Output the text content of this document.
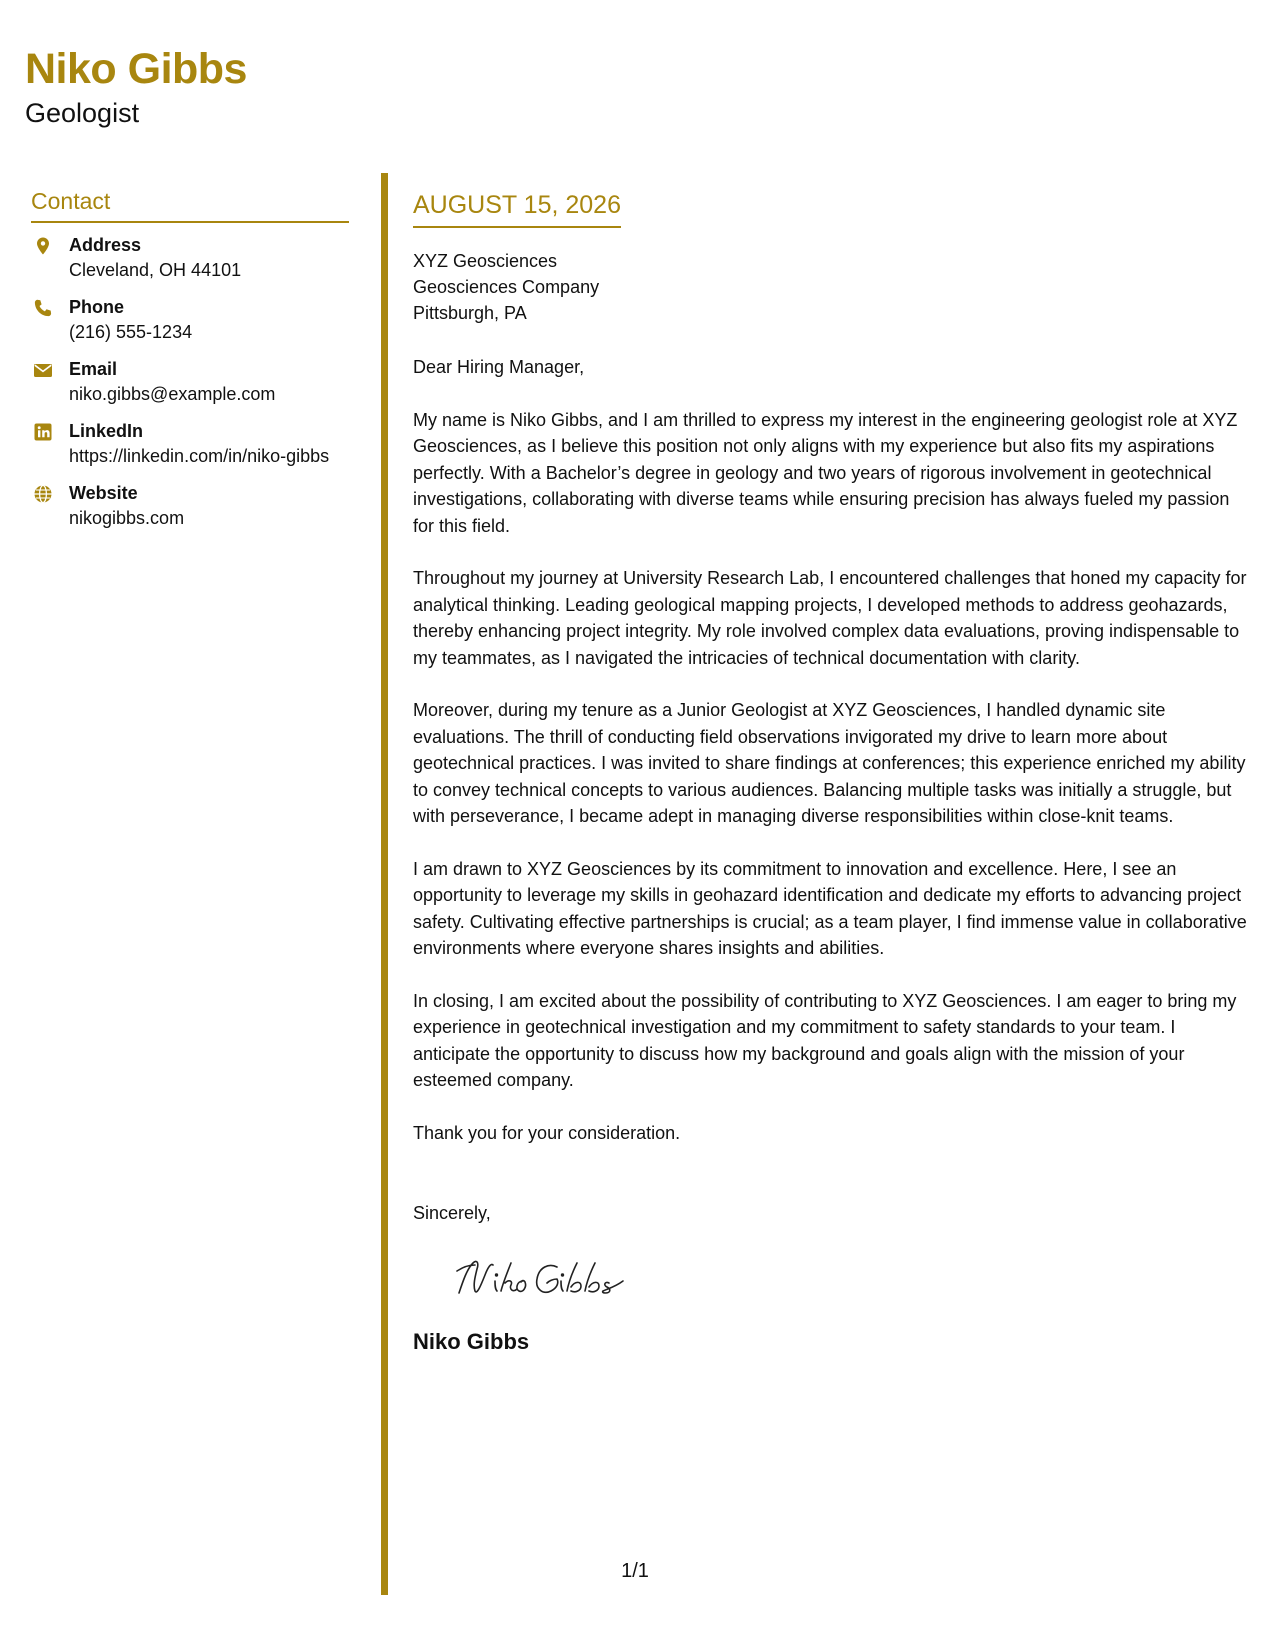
Niko Gibbs
Geologist
Contact
Address
Cleveland, OH 44101
Phone
(216) 555-1234
Email
niko.gibbs@example.com
LinkedIn
https://linkedin.com/in/niko-gibbs
Website
nikogibbs.com
AUGUST 15, 2026
XYZ Geosciences
Geosciences Company
Pittsburgh, PA

Dear Hiring Manager,

My name is Niko Gibbs, and I am thrilled to express my interest in the engineering geologist role at XYZ Geosciences, as I believe this position not only aligns with my experience but also fits my aspirations perfectly. With a Bachelor’s degree in geology and two years of rigorous involvement in geotechnical investigations, collaborating with diverse teams while ensuring precision has always fueled my passion for this field.

Throughout my journey at University Research Lab, I encountered challenges that honed my capacity for analytical thinking. Leading geological mapping projects, I developed methods to address geohazards, thereby enhancing project integrity. My role involved complex data evaluations, proving indispensable to my teammates, as I navigated the intricacies of technical documentation with clarity.

Moreover, during my tenure as a Junior Geologist at XYZ Geosciences, I handled dynamic site evaluations. The thrill of conducting field observations invigorated my drive to learn more about geotechnical practices. I was invited to share findings at conferences; this experience enriched my ability to convey technical concepts to various audiences. Balancing multiple tasks was initially a struggle, but with perseverance, I became adept in managing diverse responsibilities within close-knit teams.

I am drawn to XYZ Geosciences by its commitment to innovation and excellence. Here, I see an opportunity to leverage my skills in geohazard identification and dedicate my efforts to advancing project safety. Cultivating effective partnerships is crucial; as a team player, I find immense value in collaborative environments where everyone shares insights and abilities.

In closing, I am excited about the possibility of contributing to XYZ Geosciences. I am eager to bring my experience in geotechnical investigation and my commitment to safety standards to your team. I anticipate the opportunity to discuss how my background and goals align with the mission of your esteemed company.

Thank you for your consideration.

Sincerely,
Niko Gibbs
1/1
